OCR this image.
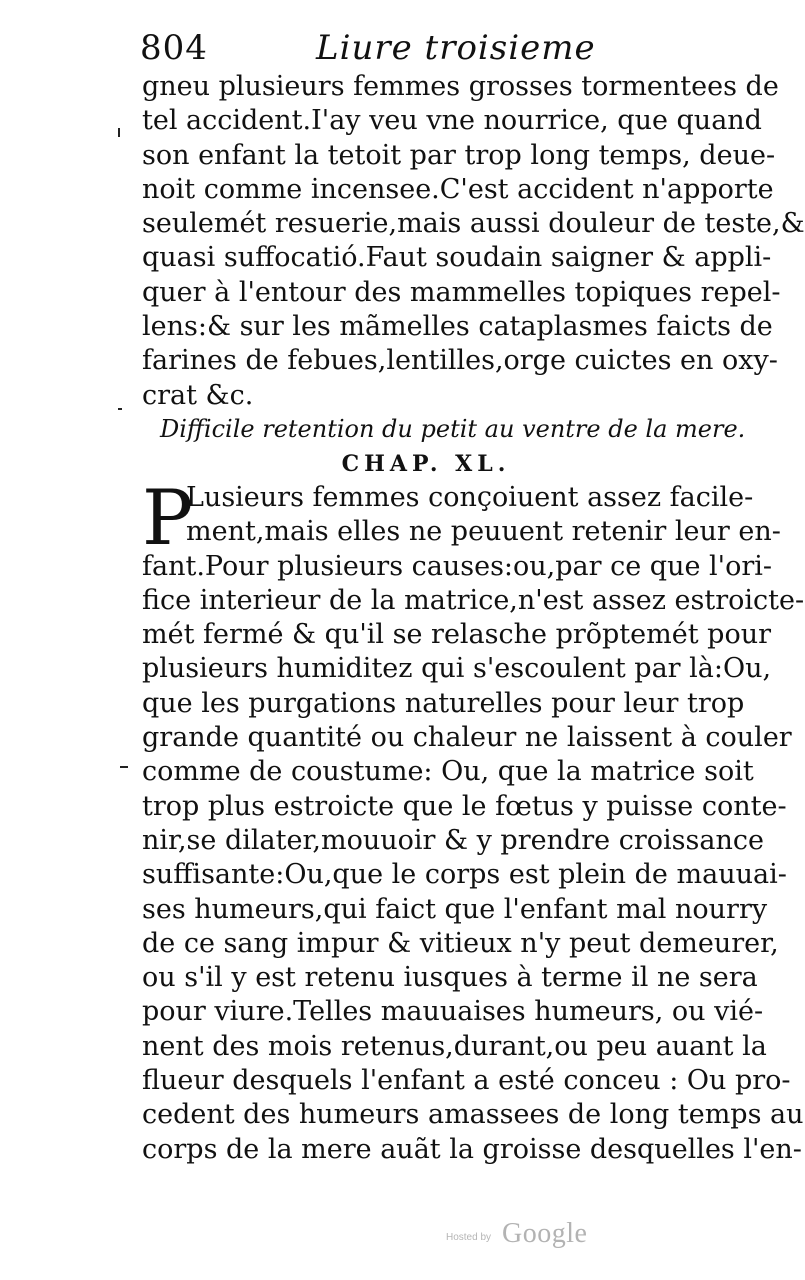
804	Liure troisieme
gneu plusieurs femmes grosses tormentees de
tel accident.I'ay veu vne nourrice, que quand
son enfant la tetoit par trop long temps, deue-
noit comme incensee.C'est accident n'apporte
seulemét resuerie,mais aussi douleur de teste,&
quasi suffocatió.Faut soudain saigner & appli-
quer à l'entour des mammelles topiques repel-
lens:& sur les mãmelles cataplasmes faicts de
farines de febues,lentilles,orge cuictes en oxy-
crat &c.
Difficile retention du petit au ventre de la mere.
CHAP. XL.
P
Lusieurs femmes conçoiuent assez facile-
ment,mais elles ne peuuent retenir leur en-
fant.Pour plusieurs causes:ou,par ce que l'ori-
fice interieur de la matrice,n'est assez estroicte-
mét fermé & qu'il se relasche prõptemét pour
plusieurs humiditez qui s'escoulent par là:Ou,
que les purgations naturelles pour leur trop
grande quantité ou chaleur ne laissent à couler
comme de coustume: Ou, que la matrice soit
trop plus estroicte que le fœtus y puisse conte-
nir,se dilater,mouuoir & y prendre croissance
suffisante:Ou,que le corps est plein de mauuai-
ses humeurs,qui faict que l'enfant mal nourry
de ce sang impur & vitieux n'y peut demeurer,
ou s'il y est retenu iusques à terme il ne sera
pour viure.Telles mauuaises humeurs, ou vié-
nent des mois retenus,durant,ou peu auant la
flueur desquels l'enfant a esté conceu : Ou pro-
cedent des humeurs amassees de long temps au
corps de la mere auãt la groisse desquelles l'en-
Hosted by Google
